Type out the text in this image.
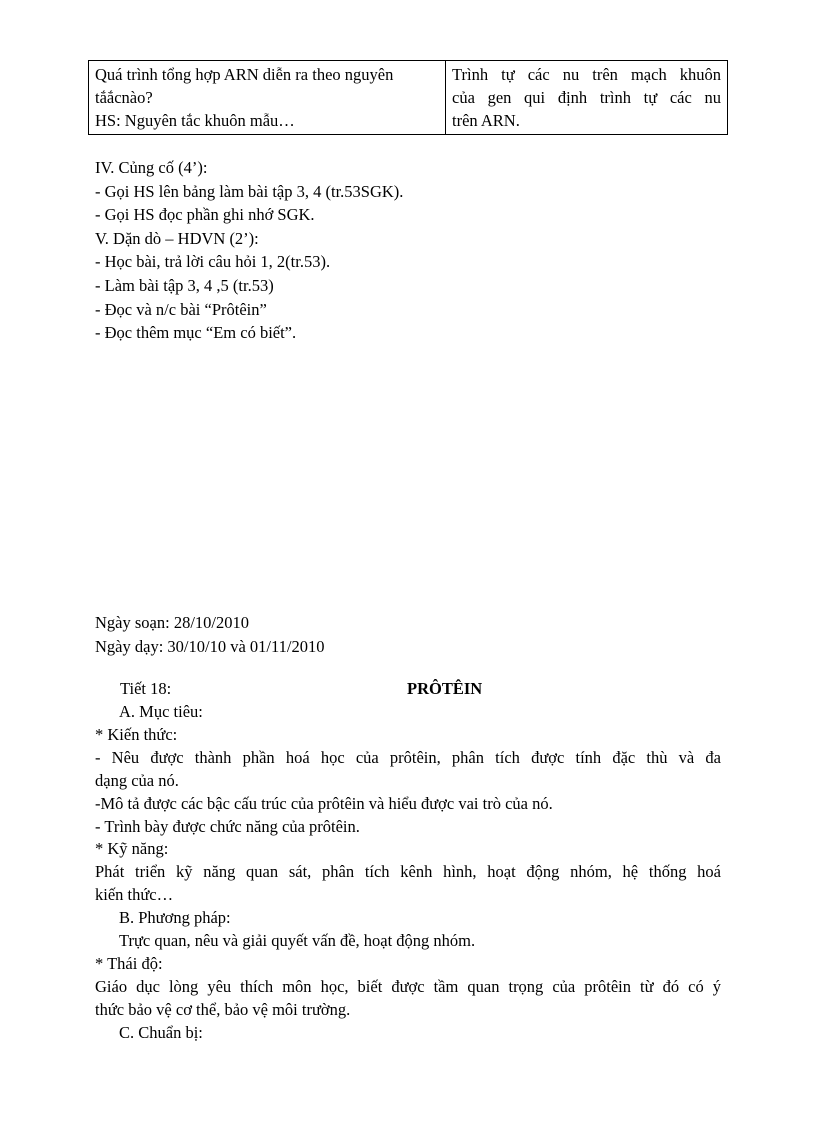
Quá trình tổng hợp ARN diễn ra theo nguyên
tắắcnào?
HS: Nguyên tắc khuôn mẫu…

Trình tự các nu trên mạch khuôn
của gen qui định trình tự các nu
trên ARN.
IV. Củng cố (4’):
- Gọi HS lên bảng làm bài tập 3, 4 (tr.53SGK).
- Gọi HS đọc phần ghi nhớ SGK.
V. Dặn dò – HDVN (2’):
- Học bài, trả lời câu hỏi 1, 2(tr.53).
- Làm bài tập 3, 4 ,5 (tr.53)
- Đọc và n/c bài “Prôtêin”
- Đọc thêm mục “Em có biết”.
Ngày soạn: 28/10/2010
Ngày dạy: 30/10/10 và 01/11/2010
Tiết 18:	PRÔTÊIN
A. Mục tiêu:
* Kiến thức:
- Nêu được thành phần hoá học của prôtêin, phân tích được tính đặc thù và đa
dạng của nó.
-Mô tả được các bậc cấu trúc của prôtêin và hiểu được vai trò của nó.
- Trình bày được chức năng của prôtêin.
* Kỹ năng:
Phát triển kỹ năng quan sát, phân tích kênh hình, hoạt động nhóm, hệ thống hoá
kiến thức…
B. Phương pháp:
Trực quan, nêu và giải quyết vấn đề, hoạt động nhóm.
* Thái độ:
Giáo dục lòng yêu thích môn học, biết được tầm quan trọng của prôtêin từ đó có ý
thức bảo vệ cơ thể, bảo vệ môi trường.
C. Chuẩn bị:
